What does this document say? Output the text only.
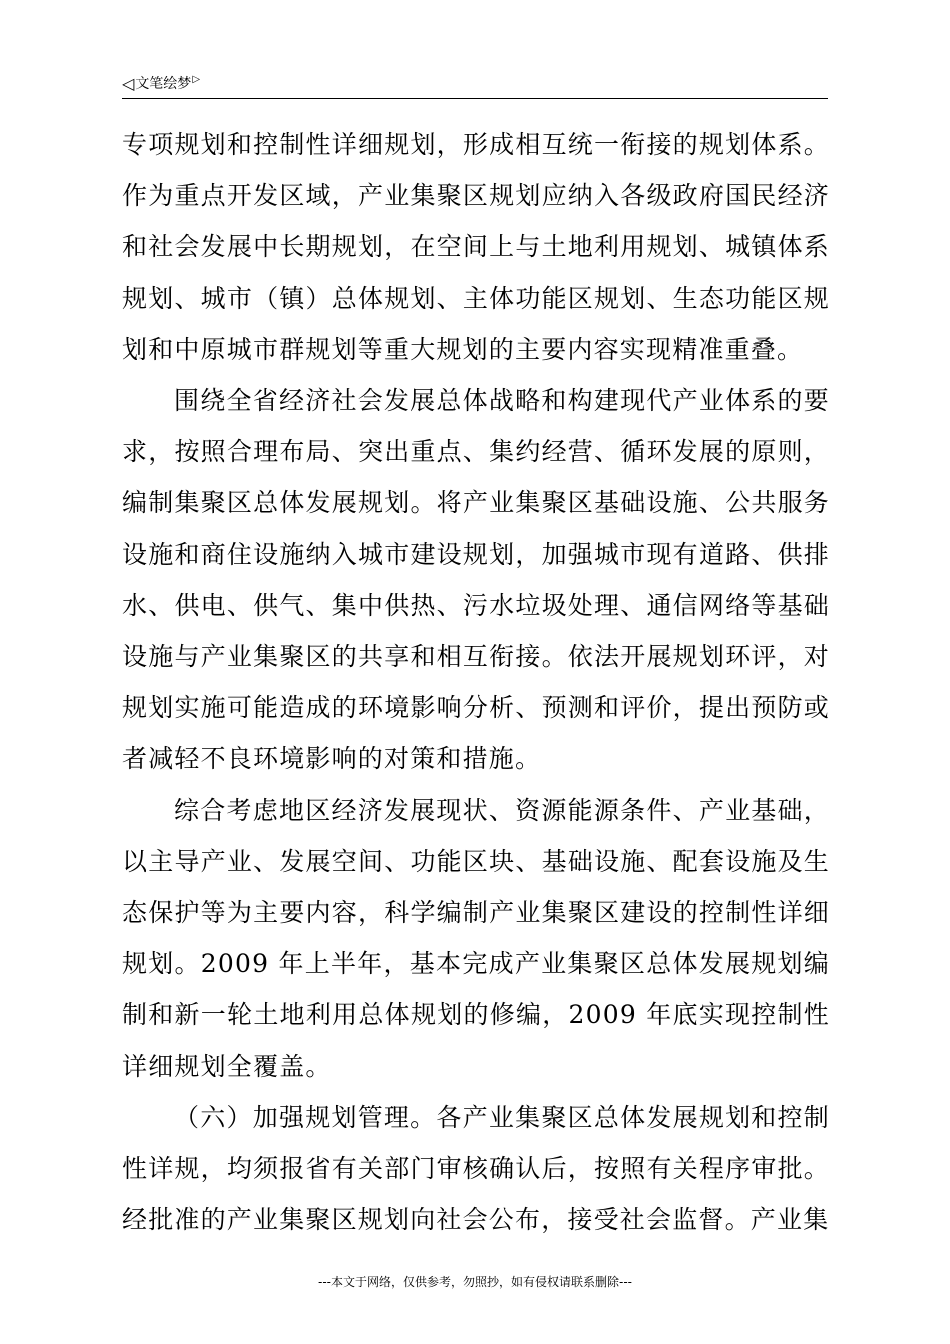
◁ 文笔绘梦 ▷

专项规划和控制性详细规划，形成相互统一衔接的规划体系。作为重点开发区域，产业集聚区规划应纳入各级政府国民经济和社会发展中长期规划，在空间上与土地利用规划、城镇体系规划、城市（镇）总体规划、主体功能区规划、生态功能区规划和中原城市群规划等重大规划的主要内容实现精准重叠。

围绕全省经济社会发展总体战略和构建现代产业体系的要求，按照合理布局、突出重点、集约经营、循环发展的原则，编制集聚区总体发展规划。将产业集聚区基础设施、公共服务设施和商住设施纳入城市建设规划，加强城市现有道路、供排水、供电、供气、集中供热、污水垃圾处理、通信网络等基础设施与产业集聚区的共享和相互衔接。依法开展规划环评，对规划实施可能造成的环境影响分析、预测和评价，提出预防或者减轻不良环境影响的对策和措施。

综合考虑地区经济发展现状、资源能源条件、产业基础，以主导产业、发展空间、功能区块、基础设施、配套设施及生态保护等为主要内容，科学编制产业集聚区建设的控制性详细规划。2009 年上半年，基本完成产业集聚区总体发展规划编制和新一轮土地利用总体规划的修编，2009 年底实现控制性详细规划全覆盖。

（六）加强规划管理。各产业集聚区总体发展规划和控制性详规，均须报省有关部门审核确认后，按照有关程序审批。经批准的产业集聚区规划向社会公布，接受社会监督。产业集

---本文于网络，仅供参考，勿照抄，如有侵权请联系删除---
